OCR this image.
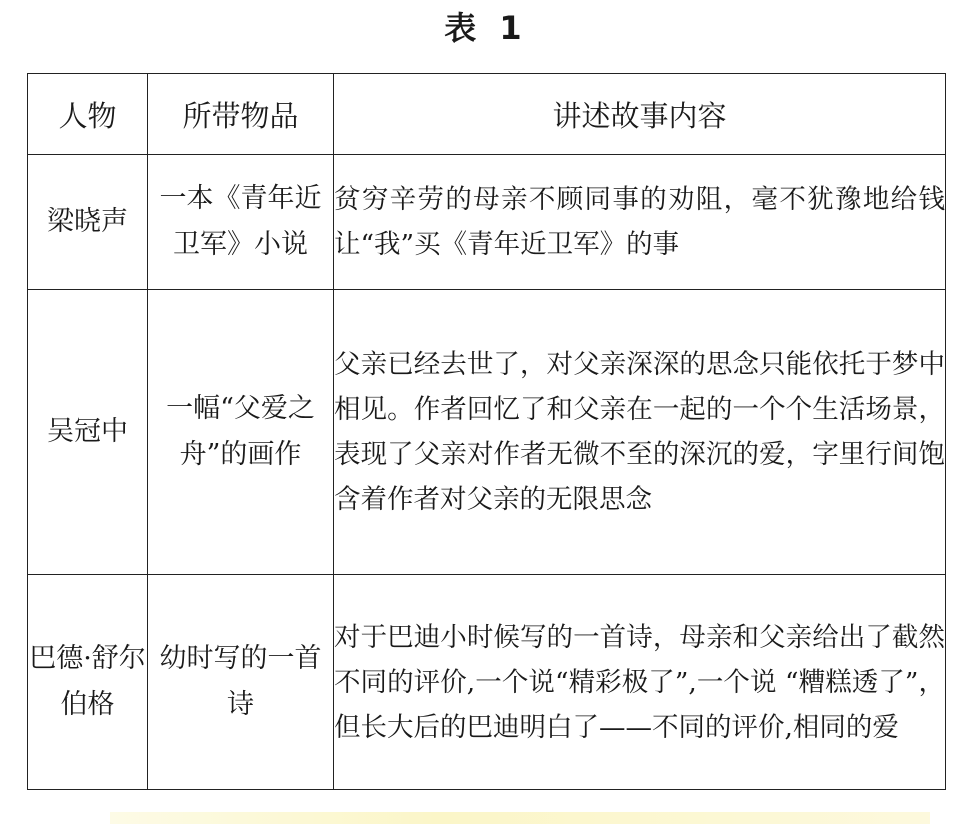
表 1
人物	所带物品	讲述故事内容
梁晓声	一本《青年近卫军》小说	贫穷辛劳的母亲不顾同事的劝阻，毫不犹豫地给钱让“我”买《青年近卫军》的事
吴冠中	一幅“父爱之舟”的画作	父亲已经去世了，对父亲深深的思念只能依托于梦中相见。作者回忆了和父亲在一起的一个个生活场景，表现了父亲对作者无微不至的深沉的爱，字里行间饱含着作者对父亲的无限思念
巴德·舒尔伯格	幼时写的一首诗	对于巴迪小时候写的一首诗，母亲和父亲给出了截然不同的评价,一个说“精彩极了”,一个说 “糟糕透了”，但长大后的巴迪明白了——不同的评价,相同的爱
